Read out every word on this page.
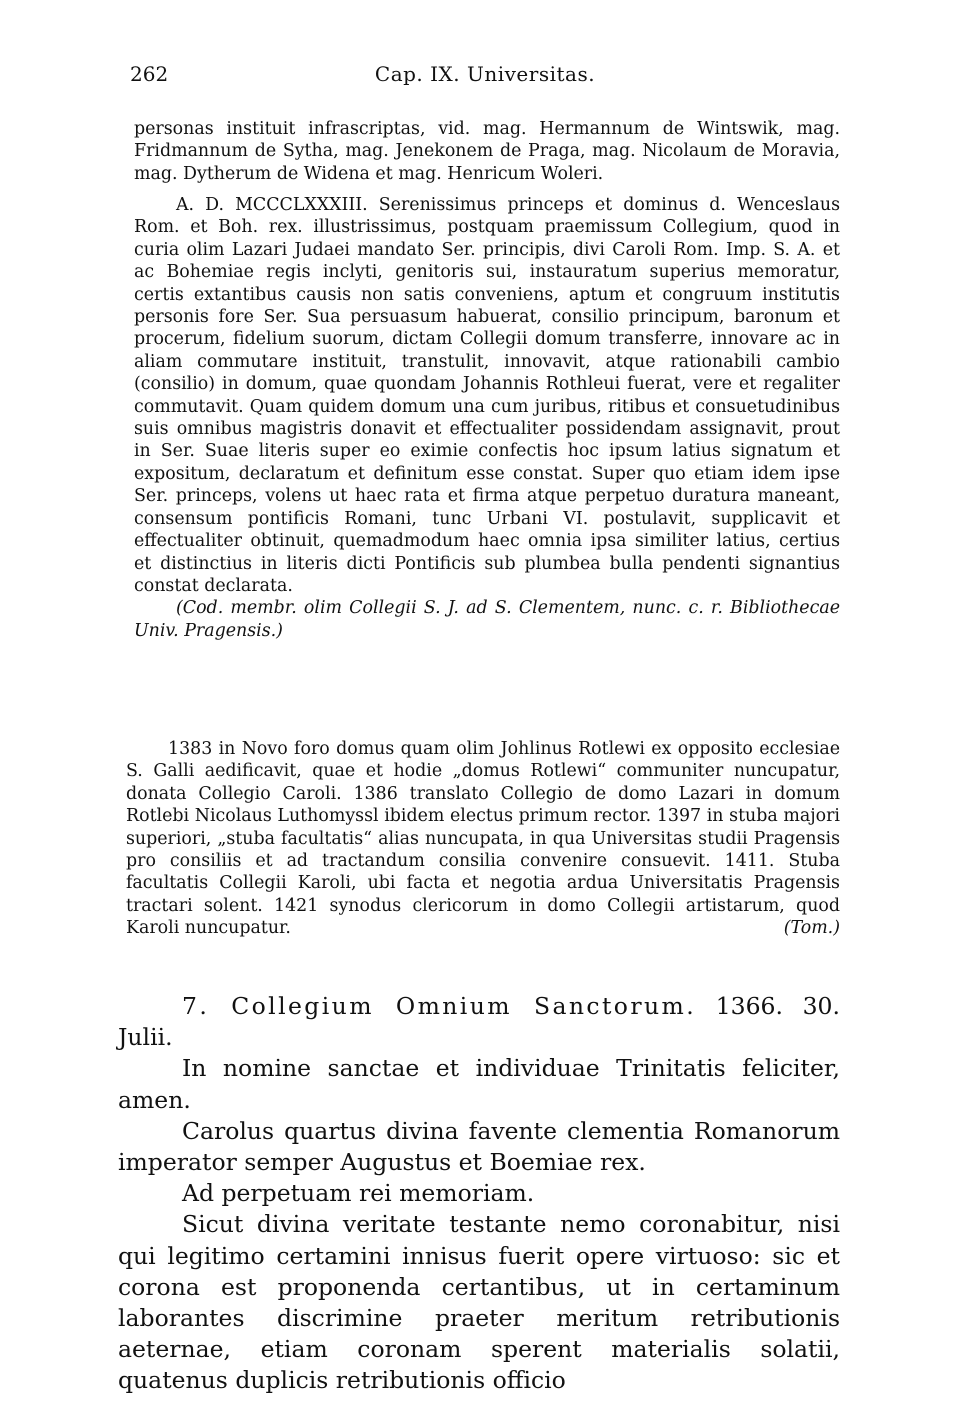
262	Cap. IX. Universitas.

personas instituit infrascriptas, vid. mag. Hermannum de Wintswik, mag. Fridmannum de Sytha, mag. Jenekonem de Praga, mag. Nicolaum de Moravia, mag. Dytherum de Widena et mag. Henricum Woleri.

A. D. MCCCLXXXIII. Serenissimus princeps et dominus d. Wenceslaus Rom. et Boh. rex. illustrissimus, postquam praemissum Collegium, quod in curia olim Lazari Judaei mandato Ser. principis, divi Caroli Rom. Imp. S. A. et ac Bohemiae regis inclyti, genitoris sui, instauratum superius memoratur, certis extantibus causis non satis conveniens, aptum et congruum institutis personis fore Ser. Sua persuasum habuerat, consilio principum, baronum et procerum, fidelium suorum, dictam Collegii domum transferre, innovare ac in aliam commutare instituit, transtulit, innovavit, atque rationabili cambio (consilio) in domum, quae quondam Johannis Rothleui fuerat, vere et regaliter commutavit. Quam quidem domum una cum juribus, ritibus et consuetudinibus suis omnibus magistris donavit et effectualiter possidendam assignavit, prout in Ser. Suae literis super eo eximie confectis hoc ipsum latius signatum et expositum, declaratum et definitum esse constat. Super quo etiam idem ipse Ser. princeps, volens ut haec rata et firma atque perpetuo duratura maneant, consensum pontificis Romani, tunc Urbani VI. postulavit, supplicavit et effectualiter obtinuit, quemadmodum haec omnia ipsa similiter latius, certius et distinctius in literis dicti Pontificis sub plumbea bulla pendenti signantius constat declarata.

(Cod. membr. olim Collegii S. J. ad S. Clementem, nunc. c. r. Bibliothecae Univ. Pragensis.)

1383 in Novo foro domus quam olim Johlinus Rotlewi ex opposito ecclesiae S. Galli aedificavit, quae et hodie „domus Rotlewi“ communiter nuncupatur, donata Collegio Caroli. 1386 translato Collegio de domo Lazari in domum Rotlebi Nicolaus Luthomyssl ibidem electus primum rector. 1397 in stuba majori superiori, „stuba facultatis“ alias nuncupata, in qua Universitas studii Pragensis pro consiliis et ad tractandum consilia convenire consuevit. 1411. Stuba facultatis Collegii Karoli, ubi facta et negotia ardua Universitatis Pragensis tractari solent. 1421 synodus clericorum in domo Collegii artistarum, quod Karoli nuncupatur.	(Tom.)

7. Collegium Omnium Sanctorum. 1366. 30. Julii.

In nomine sanctae et individuae Trinitatis feliciter, amen.

Carolus quartus divina favente clementia Romanorum imperator semper Augustus et Boemiae rex.

Ad perpetuam rei memoriam.

Sicut divina veritate testante nemo coronabitur, nisi qui legitimo certamini innisus fuerit opere virtuoso: sic et corona est proponenda certantibus, ut in certaminum laborantes discrimine praeter meritum retributionis aeternae, etiam coronam sperent materialis solatii, quatenus duplicis retributionis officio
